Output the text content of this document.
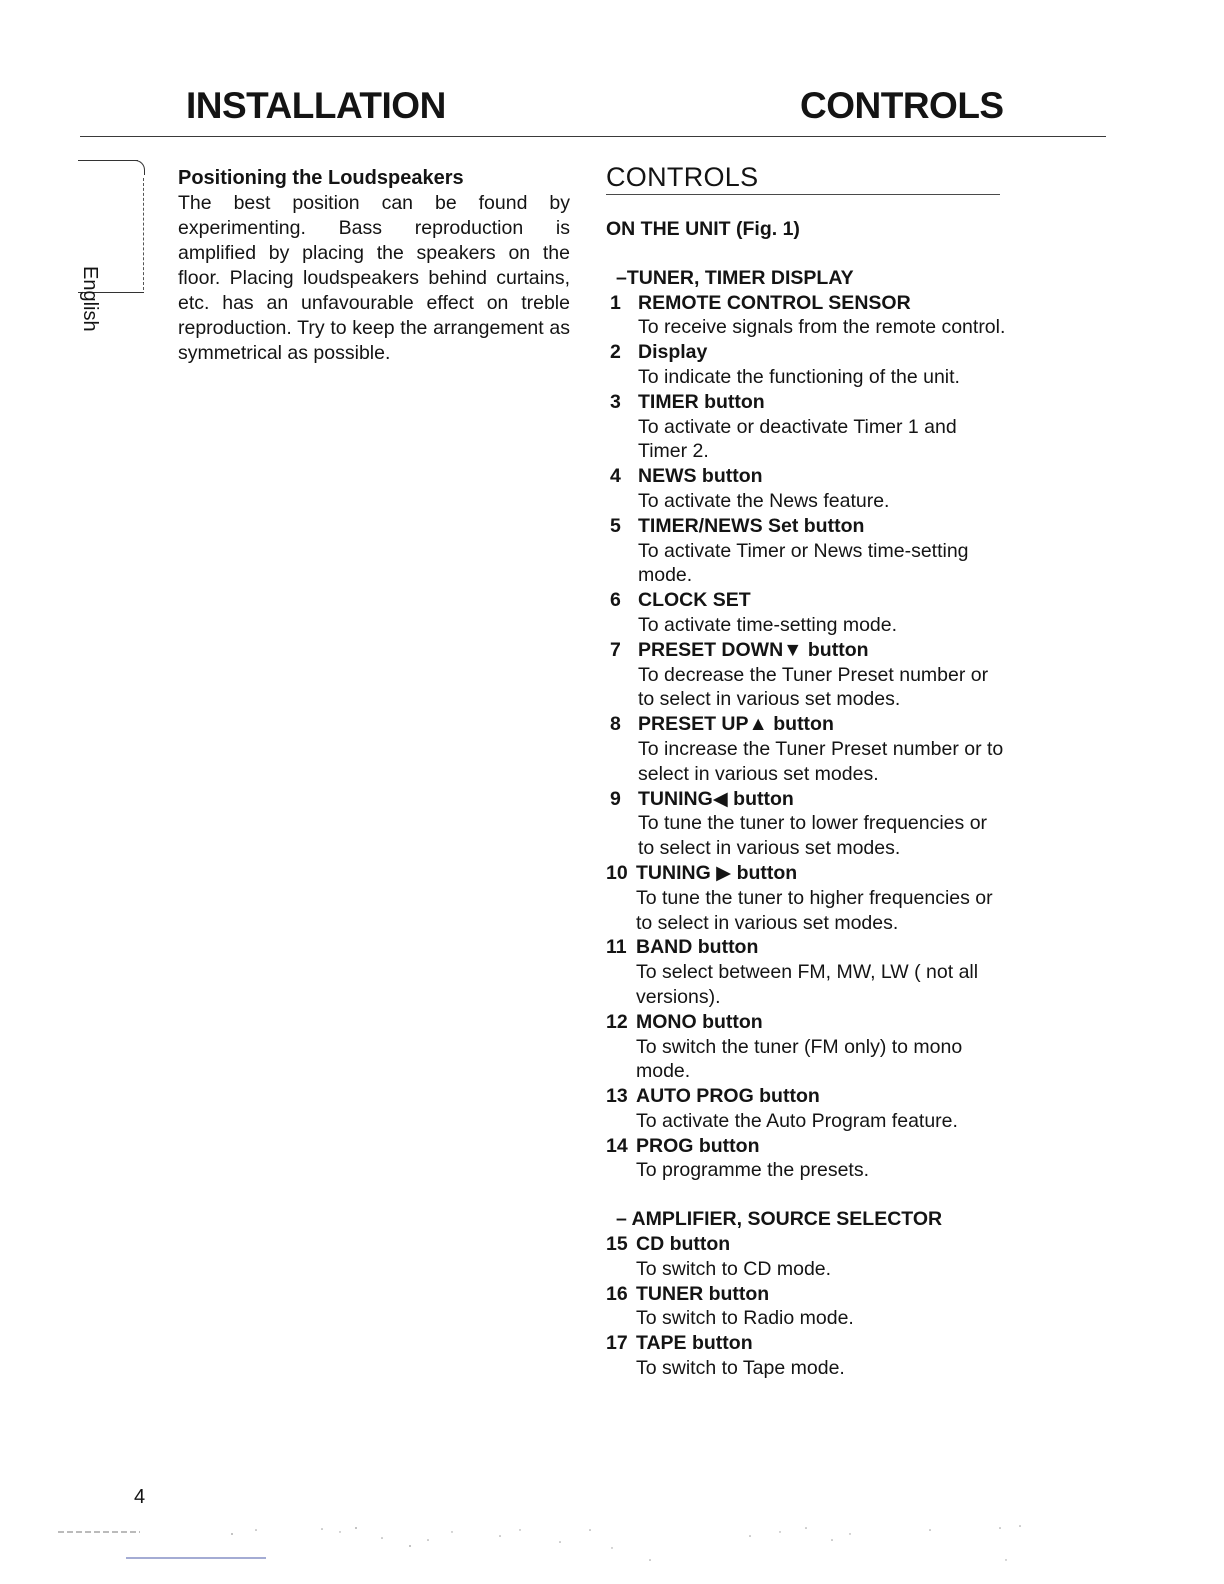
INSTALLATION	CONTROLS
English
Positioning the Loudspeakers
The best position can be found by experimenting. Bass reproduction is amplified by placing the speakers on the floor. Placing loudspeakers behind curtains, etc. has an unfavourable effect on treble reproduction. Try to keep the arrangement as symmetrical as possible.
CONTROLS
ON THE UNIT (Fig. 1)
–TUNER, TIMER DISPLAY
1 REMOTE CONTROL SENSOR
To receive signals from the remote control.
2 Display
To indicate the functioning of the unit.
3 TIMER button
To activate or deactivate Timer 1 and Timer 2.
4 NEWS button
To activate the News feature.
5 TIMER/NEWS Set button
To activate Timer or News time-setting mode.
6 CLOCK SET
To activate time-setting mode.
7 PRESET DOWN▼ button
To decrease the Tuner Preset number or to select in various set modes.
8 PRESET UP▲ button
To increase the Tuner Preset number or to select in various set modes.
9 TUNING◀ button
To tune the tuner to lower frequencies or to select in various set modes.
10 TUNING ▶ button
To tune the tuner to higher frequencies or to select in various set modes.
11 BAND button
To select between FM, MW, LW ( not all versions).
12 MONO button
To switch the tuner (FM only) to mono mode.
13 AUTO PROG button
To activate the Auto Program feature.
14 PROG button
To programme the presets.
– AMPLIFIER, SOURCE SELECTOR
15 CD button
To switch to CD mode.
16 TUNER button
To switch to Radio mode.
17 TAPE button
To switch to Tape mode.
4
